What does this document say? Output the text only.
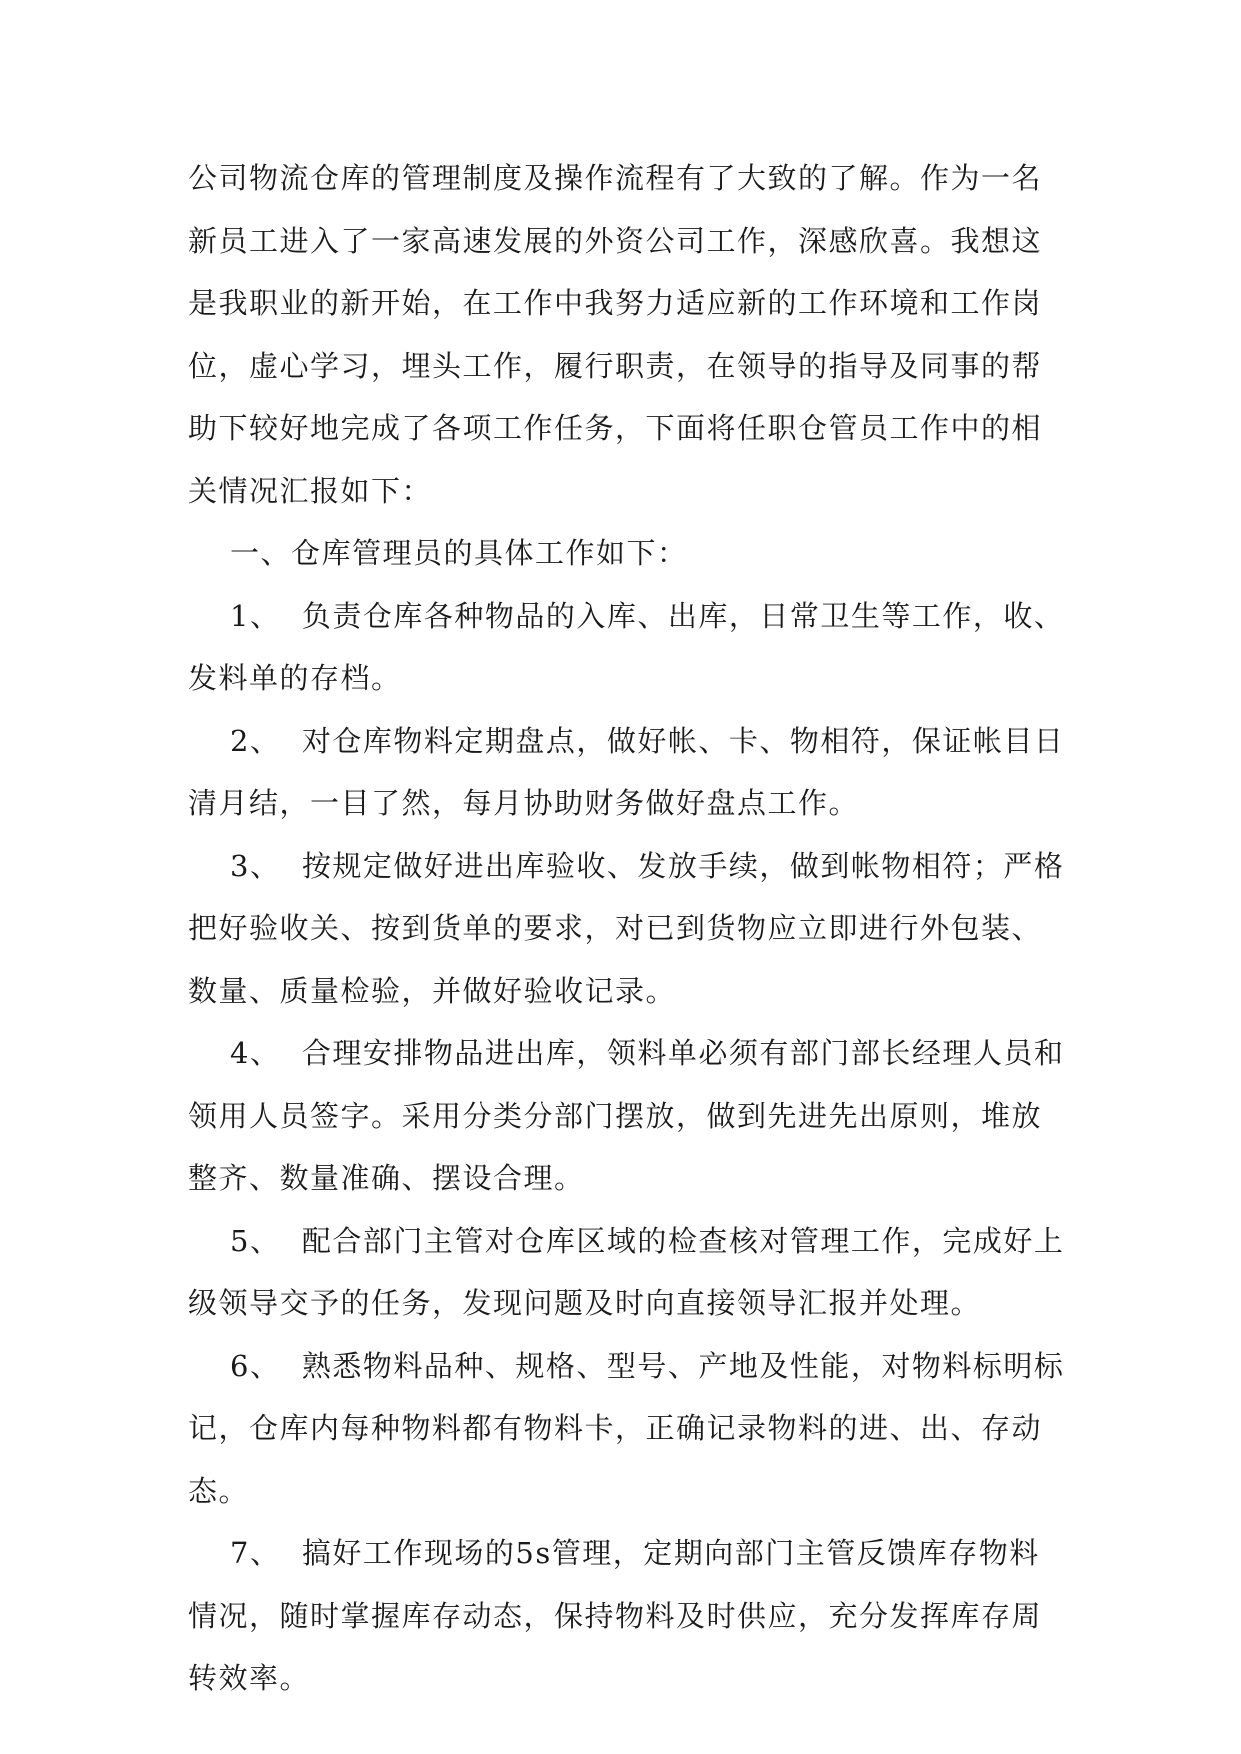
公司物流仓库的管理制度及操作流程有了大致的了解。作为一名新员工进入了一家高速发展的外资公司工作，深感欣喜。我想这是我职业的新开始，在工作中我努力适应新的工作环境和工作岗位，虚心学习，埋头工作，履行职责，在领导的指导及同事的帮助下较好地完成了各项工作任务，下面将任职仓管员工作中的相关情况汇报如下：

一、仓库管理员的具体工作如下：

1、 负责仓库各种物品的入库、出库，日常卫生等工作，收、发料单的存档。

2、 对仓库物料定期盘点，做好帐、卡、物相符，保证帐目日清月结，一目了然，每月协助财务做好盘点工作。

3、 按规定做好进出库验收、发放手续，做到帐物相符；严格把好验收关、按到货单的要求，对已到货物应立即进行外包装、数量、质量检验，并做好验收记录。

4、 合理安排物品进出库，领料单必须有部门部长经理人员和领用人员签字。采用分类分部门摆放，做到先进先出原则，堆放整齐、数量准确、摆设合理。

5、 配合部门主管对仓库区域的检查核对管理工作，完成好上级领导交予的任务，发现问题及时向直接领导汇报并处理。

6、 熟悉物料品种、规格、型号、产地及性能，对物料标明标记，仓库内每种物料都有物料卡，正确记录物料的进、出、存动态。

7、 搞好工作现场的5s管理，定期向部门主管反馈库存物料情况，随时掌握库存动态，保持物料及时供应，充分发挥库存周转效率。
